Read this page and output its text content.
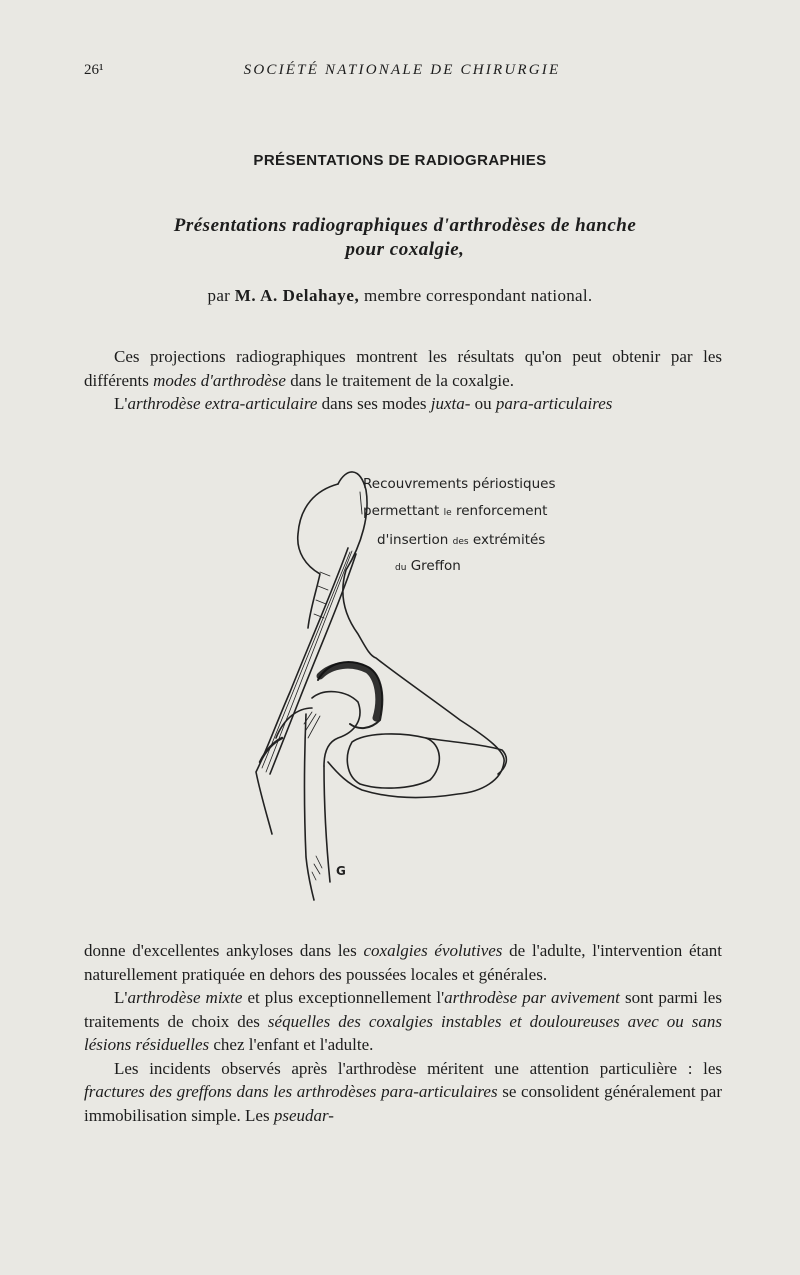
26¹	SOCIÉTÉ NATIONALE DE CHIRURGIE
PRÉSENTATIONS DE RADIOGRAPHIES
Présentations radiographiques d'arthrodèses de hanche
pour coxalgie,
par M. A. Delahaye, membre correspondant national.

Ces projections radiographiques montrent les résultats qu'on peut obtenir par les différents modes d'arthrodèse dans le traitement de la coxalgie.

L'arthrodèse extra-articulaire dans ses modes juxta- ou para-articulaires

Recouvrements périostiques
permettant le renforcement
d'insertion des extrémités
du Greffon
G

donne d'excellentes ankyloses dans les coxalgies évolutives de l'adulte, l'intervention étant naturellement pratiquée en dehors des poussées locales et générales.

L'arthrodèse mixte et plus exceptionnellement l'arthrodèse par avivement sont parmi les traitements de choix des séquelles des coxalgies instables et douloureuses avec ou sans lésions résiduelles chez l'enfant et l'adulte.

Les incidents observés après l'arthrodèse méritent une attention particulière : les fractures des greffons dans les arthrodèses para-articulaires se consolident généralement par immobilisation simple. Les pseudar-
